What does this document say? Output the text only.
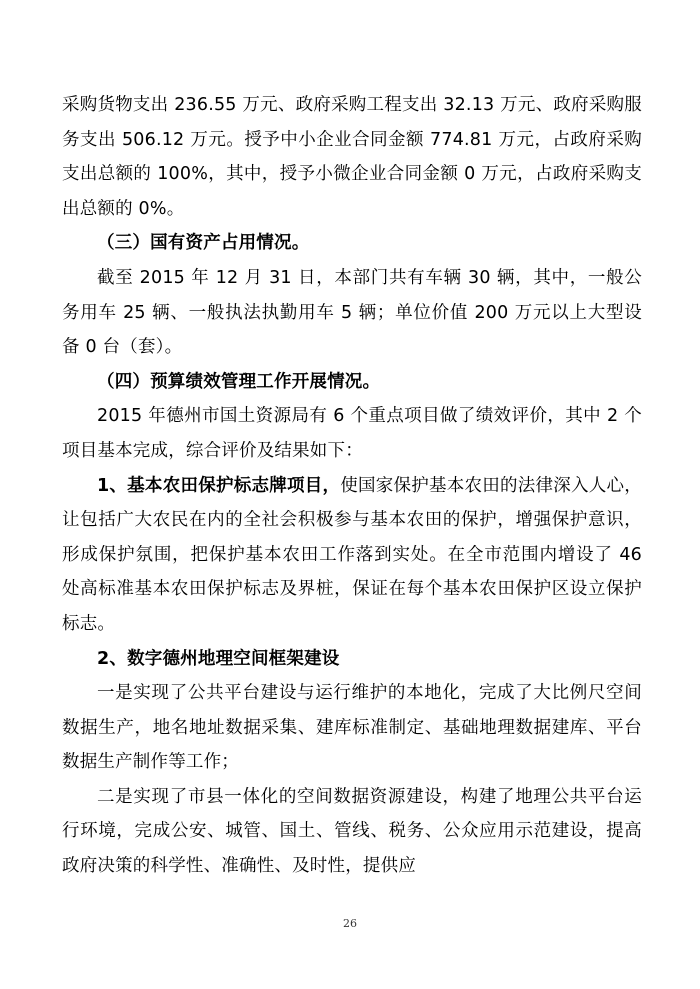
采购货物支出 236.55 万元、政府采购工程支出 32.13 万元、政府采购服务支出 506.12 万元。授予中小企业合同金额 774.81 万元，占政府采购支出总额的 100%，其中，授予小微企业合同金额 0 万元，占政府采购支出总额的 0%。

（三）国有资产占用情况。

截至 2015 年 12 月 31 日，本部门共有车辆 30 辆，其中，一般公务用车 25 辆、一般执法执勤用车 5 辆；单位价值 200 万元以上大型设备 0 台（套）。

（四）预算绩效管理工作开展情况。

2015 年德州市国土资源局有 6 个重点项目做了绩效评价，其中 2 个项目基本完成，综合评价及结果如下：

1、基本农田保护标志牌项目，使国家保护基本农田的法律深入人心，让包括广大农民在内的全社会积极参与基本农田的保护，增强保护意识，形成保护氛围，把保护基本农田工作落到实处。在全市范围内增设了 46 处高标准基本农田保护标志及界桩，保证在每个基本农田保护区设立保护标志。

2、数字德州地理空间框架建设

一是实现了公共平台建设与运行维护的本地化，完成了大比例尺空间数据生产，地名地址数据采集、建库标准制定、基础地理数据建库、平台数据生产制作等工作；

二是实现了市县一体化的空间数据资源建设，构建了地理公共平台运行环境，完成公安、城管、国土、管线、税务、公众应用示范建设，提高政府决策的科学性、准确性、及时性，提供应

26
